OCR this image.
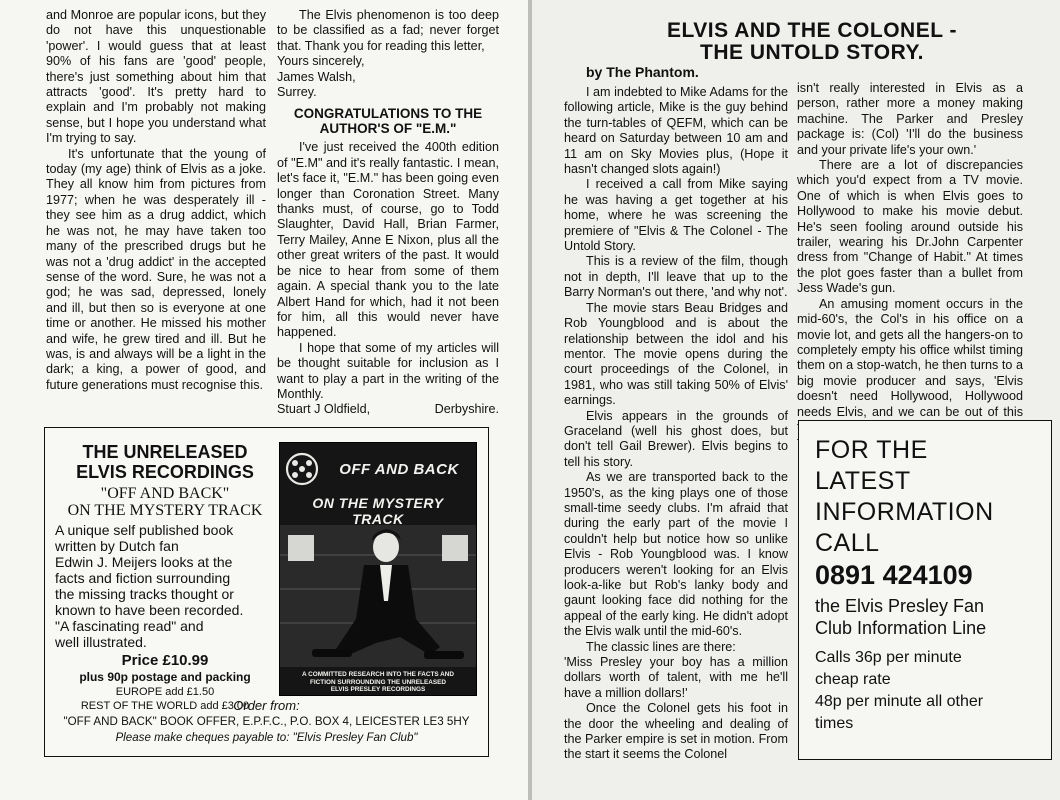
and Monroe are popular icons, but they do not have this unquestionable 'power'. I would guess that at least 90% of his fans are 'good' people, there's just something about him that attracts 'good'. It's pretty hard to explain and I'm probably not making sense, but I hope you understand what I'm trying to say.

It's unfortunate that the young of today (my age) think of Elvis as a joke. They all know him from pictures from 1977; when he was desperately ill - they see him as a drug addict, which he was not, he may have taken too many of the prescribed drugs but he was not a 'drug addict' in the accepted sense of the word. Sure, he was not a god; he was sad, depressed, lonely and ill, but then so is everyone at one time or another. He missed his mother and wife, he grew tired and ill. But he was, is and always will be a light in the dark; a king, a power of good, and future generations must recognise this.

The Elvis phenomenon is too deep to be classified as a fad; never forget that. Thank you for reading this letter,

Yours sincerely,
James Walsh,
Surrey.
CONGRATULATIONS TO THE AUTHOR'S OF "E.M."

I've just received the 400th edition of "E.M" and it's really fantastic. I mean, let's face it, "E.M." has been going even longer than Coronation Street. Many thanks must, of course, go to Todd Slaughter, David Hall, Brian Farmer, Terry Mailey, Anne E Nixon, plus all the other great writers of the past. It would be nice to hear from some of them again. A special thank you to the late Albert Hand for which, had it not been for him, all this would never have happened.

I hope that some of my articles will be thought suitable for inclusion as I want to play a part in the writing of the Monthly.

Stuart J Oldfield,	Derbyshire.
THE UNRELEASED
ELVIS RECORDINGS
"OFF AND BACK"
ON THE MYSTERY TRACK
A unique self published book
written by Dutch fan
Edwin J. Meijers looks at the
facts and fiction surrounding
the missing tracks thought or
known to have been recorded.
"A fascinating read" and
well illustrated.
Price £10.99
plus 90p postage and packing
EUROPE add £1.50
REST OF THE WORLD add £3.00
OFF AND BACK
ON THE MYSTERY TRACK
A COMMITTED RESEARCH INTO THE FACTS AND
FICTION SURROUNDING THE UNRELEASED
ELVIS PRESLEY RECORDINGS
Order from:
"OFF AND BACK" BOOK OFFER, E.P.F.C., P.O. BOX 4, LEICESTER LE3 5HY
Please make cheques payable to: "Elvis Presley Fan Club"
ELVIS AND THE COLONEL -
THE UNTOLD STORY.
by The Phantom.

I am indebted to Mike Adams for the following article, Mike is the guy behind the turn-tables of QEFM, which can be heard on Saturday between 10 am and 11 am on Sky Movies plus, (Hope it hasn't changed slots again!)

I received a call from Mike saying he was having a get together at his home, where he was screening the premiere of "Elvis & The Colonel - The Untold Story.

This is a review of the film, though not in depth, I'll leave that up to the Barry Norman's out there, 'and why not'.

The movie stars Beau Bridges and Rob Youngblood and is about the relationship between the idol and his mentor. The movie opens during the court proceedings of the Colonel, in 1981, who was still taking 50% of Elvis' earnings.

Elvis appears in the grounds of Graceland (well his ghost does, but don't tell Gail Brewer). Elvis begins to tell his story.

As we are transported back to the 1950's, as the king plays one of those small-time seedy clubs. I'm afraid that during the early part of the movie I couldn't help but notice how so unlike Elvis - Rob Youngblood was. I know producers weren't looking for an Elvis look-a-like but Rob's lanky body and gaunt looking face did nothing for the appeal of the early king. He didn't adopt the Elvis walk until the mid-60's.

The classic lines are there:

'Miss Presley your boy has a million dollars worth of talent, with me he'll have a million dollars!'

Once the Colonel gets his foot in the door the wheeling and dealing of the Parker empire is set in motion. From the start it seems the Colonel

isn't really interested in Elvis as a person, rather more a money making machine. The Parker and Presley package is: (Col) 'I'll do the business and your private life's your own.'

There are a lot of discrepancies which you'd expect from a TV movie. One of which is when Elvis goes to Hollywood to make his movie debut. He's seen fooling around outside his trailer, wearing his Dr.John Carpenter dress from "Change of Habit." At times the plot goes faster than a bullet from Jess Wade's gun.

An amusing moment occurs in the mid-60's, the Col's in his office on a movie lot, and gets all the hangers-on to completely empty his office whilst timing them on a stop-watch, he then turns to a big movie producer and says, 'Elvis doesn't need Hollywood, Hollywood needs Elvis, and we can be out of this

FOR THE
LATEST
INFORMATION
CALL
0891 424109
the Elvis Presley Fan
Club Information Line
Calls 36p per minute
cheap rate
48p per minute all other
times
